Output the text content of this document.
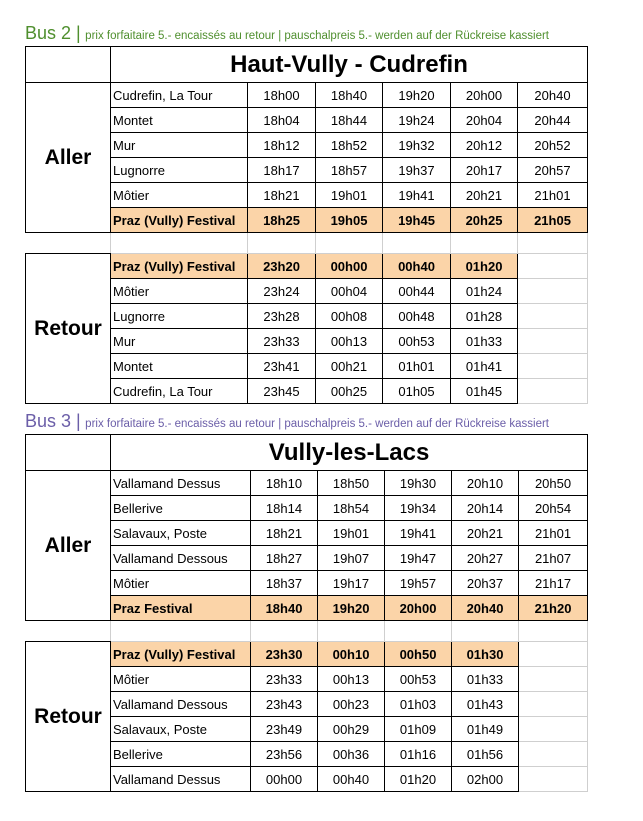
Bus 2 | prix forfaitaire 5.- encaissés au retour | pauschalpreis 5.- werden auf der Rückreise kassiert
	Haut-Vully - Cudrefin					
Aller	Cudrefin, La Tour	18h00	18h40	19h20	20h00	20h40
	Montet	18h04	18h44	19h24	20h04	20h44
	Mur	18h12	18h52	19h32	20h12	20h52
	Lugnorre	18h17	18h57	19h37	20h17	20h57
	Môtier	18h21	19h01	19h41	20h21	21h01
	Praz (Vully) Festival	18h25	19h05	19h45	20h25	21h05

Retour	Praz (Vully) Festival	23h20	00h00	00h40	01h20	
	Môtier	23h24	00h04	00h44	01h24	
	Lugnorre	23h28	00h08	00h48	01h28	
	Mur	23h33	00h13	00h53	01h33	
	Montet	23h41	00h21	01h01	01h41	
	Cudrefin, La Tour	23h45	00h25	01h05	01h45	
Bus 3 | prix forfaitaire 5.- encaissés au retour | pauschalpreis 5.- werden auf der Rückreise kassiert
	Vully-les-Lacs					
Aller	Vallamand Dessus	18h10	18h50	19h30	20h10	20h50
	Bellerive	18h14	18h54	19h34	20h14	20h54
	Salavaux, Poste	18h21	19h01	19h41	20h21	21h01
	Vallamand Dessous	18h27	19h07	19h47	20h27	21h07
	Môtier	18h37	19h17	19h57	20h37	21h17
	Praz Festival	18h40	19h20	20h00	20h40	21h20

Retour	Praz (Vully) Festival	23h30	00h10	00h50	01h30	
	Môtier	23h33	00h13	00h53	01h33	
	Vallamand Dessous	23h43	00h23	01h03	01h43	
	Salavaux, Poste	23h49	00h29	01h09	01h49	
	Bellerive	23h56	00h36	01h16	01h56	
	Vallamand Dessus	00h00	00h40	01h20	02h00	
